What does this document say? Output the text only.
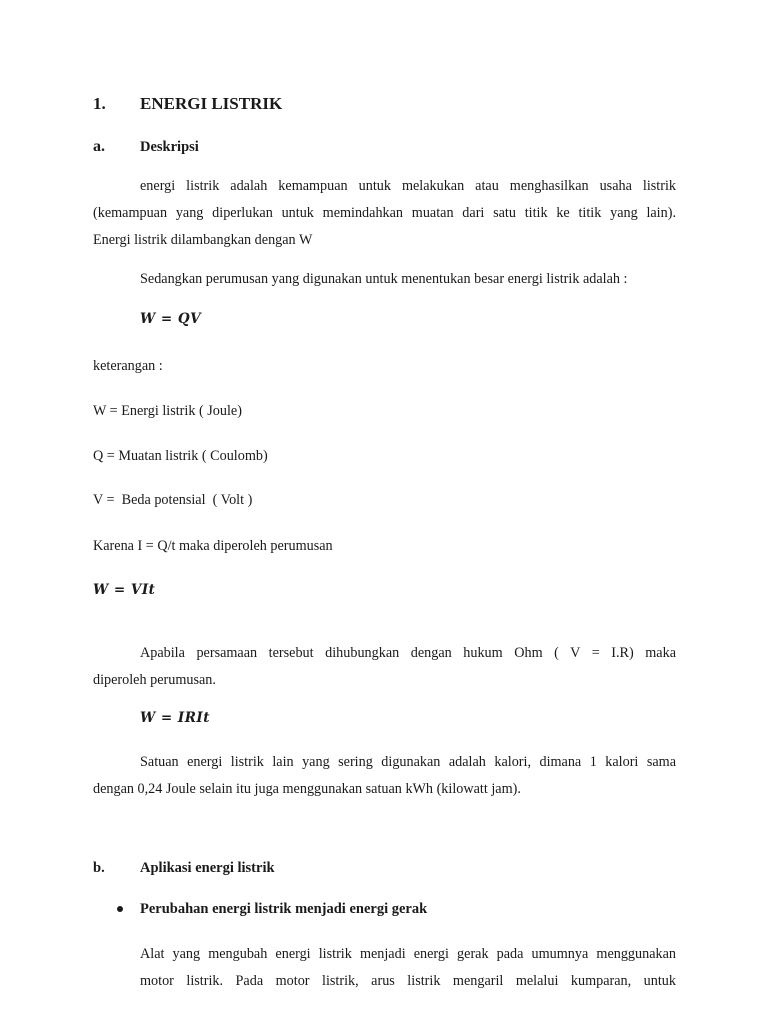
1. ENERGI LISTRIK
a. Deskripsi
energi listrik adalah kemampuan untuk melakukan atau menghasilkan usaha listrik
(kemampuan yang diperlukan untuk memindahkan muatan dari satu titik ke titik yang lain).
Energi listrik dilambangkan dengan W
Sedangkan perumusan yang digunakan untuk menentukan besar energi listrik adalah :
W = QV
keterangan :
W = Energi listrik ( Joule)
Q = Muatan listrik ( Coulomb)
V =  Beda potensial  ( Volt )
Karena I = Q/t maka diperoleh perumusan
W = VIt
Apabila persamaan tersebut dihubungkan dengan hukum Ohm ( V = I.R) maka
diperoleh perumusan.
W = IRIt
Satuan energi listrik lain yang sering digunakan adalah kalori, dimana 1 kalori sama
dengan 0,24 Joule selain itu juga menggunakan satuan kWh (kilowatt jam).
b. Aplikasi energi listrik
Perubahan energi listrik menjadi energi gerak
Alat yang mengubah energi listrik menjadi energi gerak pada umumnya menggunakan
motor listrik. Pada motor listrik, arus listrik mengaril melalui kumparan, untuk
